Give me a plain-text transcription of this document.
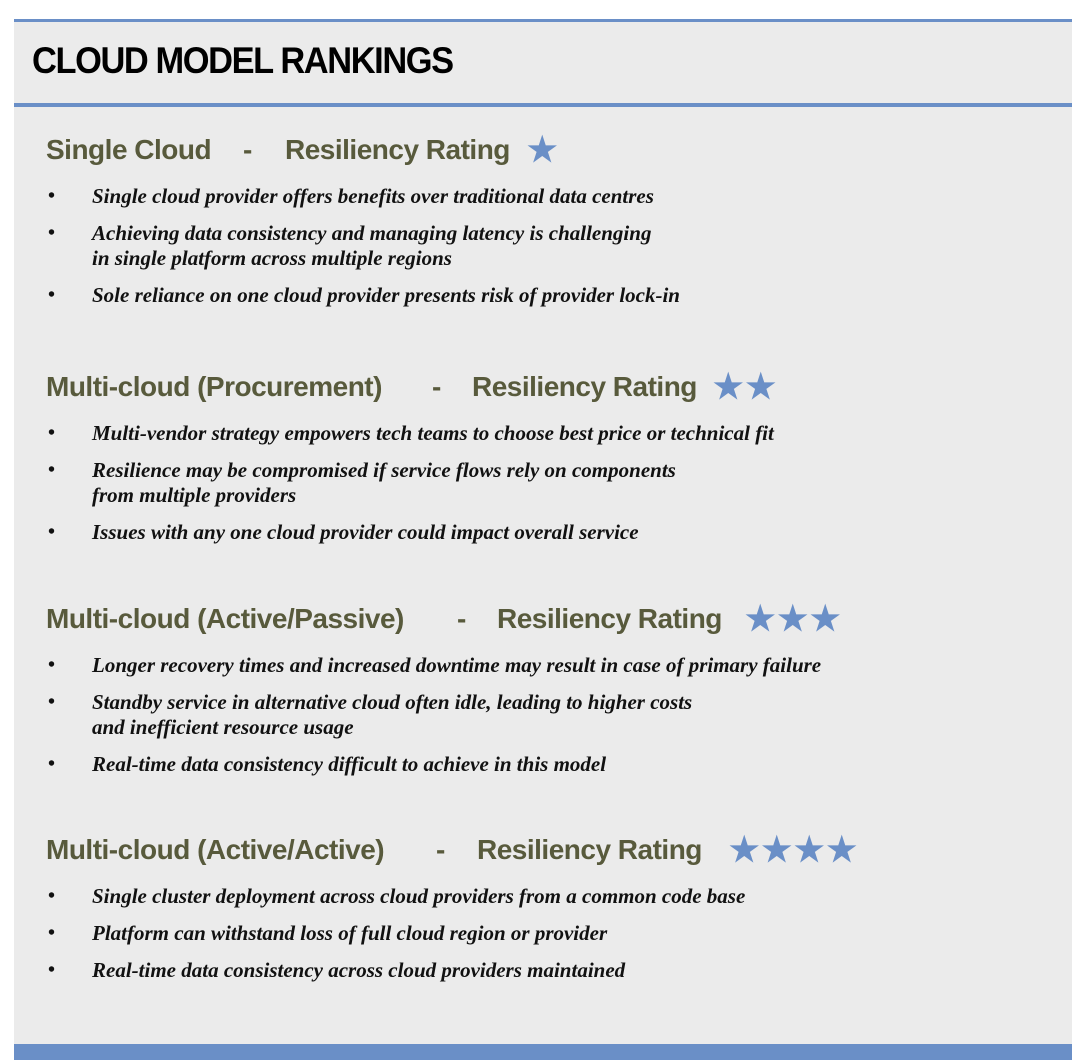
CLOUD MODEL RANKINGS
Single Cloud - Resiliency Rating ★
• Single cloud provider offers benefits over traditional data centres
• Achieving data consistency and managing latency is challenging
in single platform across multiple regions
• Sole reliance on one cloud provider presents risk of provider lock-in
Multi-cloud (Procurement) - Resiliency Rating ★★
• Multi-vendor strategy empowers tech teams to choose best price or technical fit
• Resilience may be compromised if service flows rely on components
from multiple providers
• Issues with any one cloud provider could impact overall service
Multi-cloud (Active/Passive) - Resiliency Rating ★★★
• Longer recovery times and increased downtime may result in case of primary failure
• Standby service in alternative cloud often idle, leading to higher costs
and inefficient resource usage
• Real-time data consistency difficult to achieve in this model
Multi-cloud (Active/Active) - Resiliency Rating ★★★★
• Single cluster deployment across cloud providers from a common code base
• Platform can withstand loss of full cloud region or provider
• Real-time data consistency across cloud providers maintained
